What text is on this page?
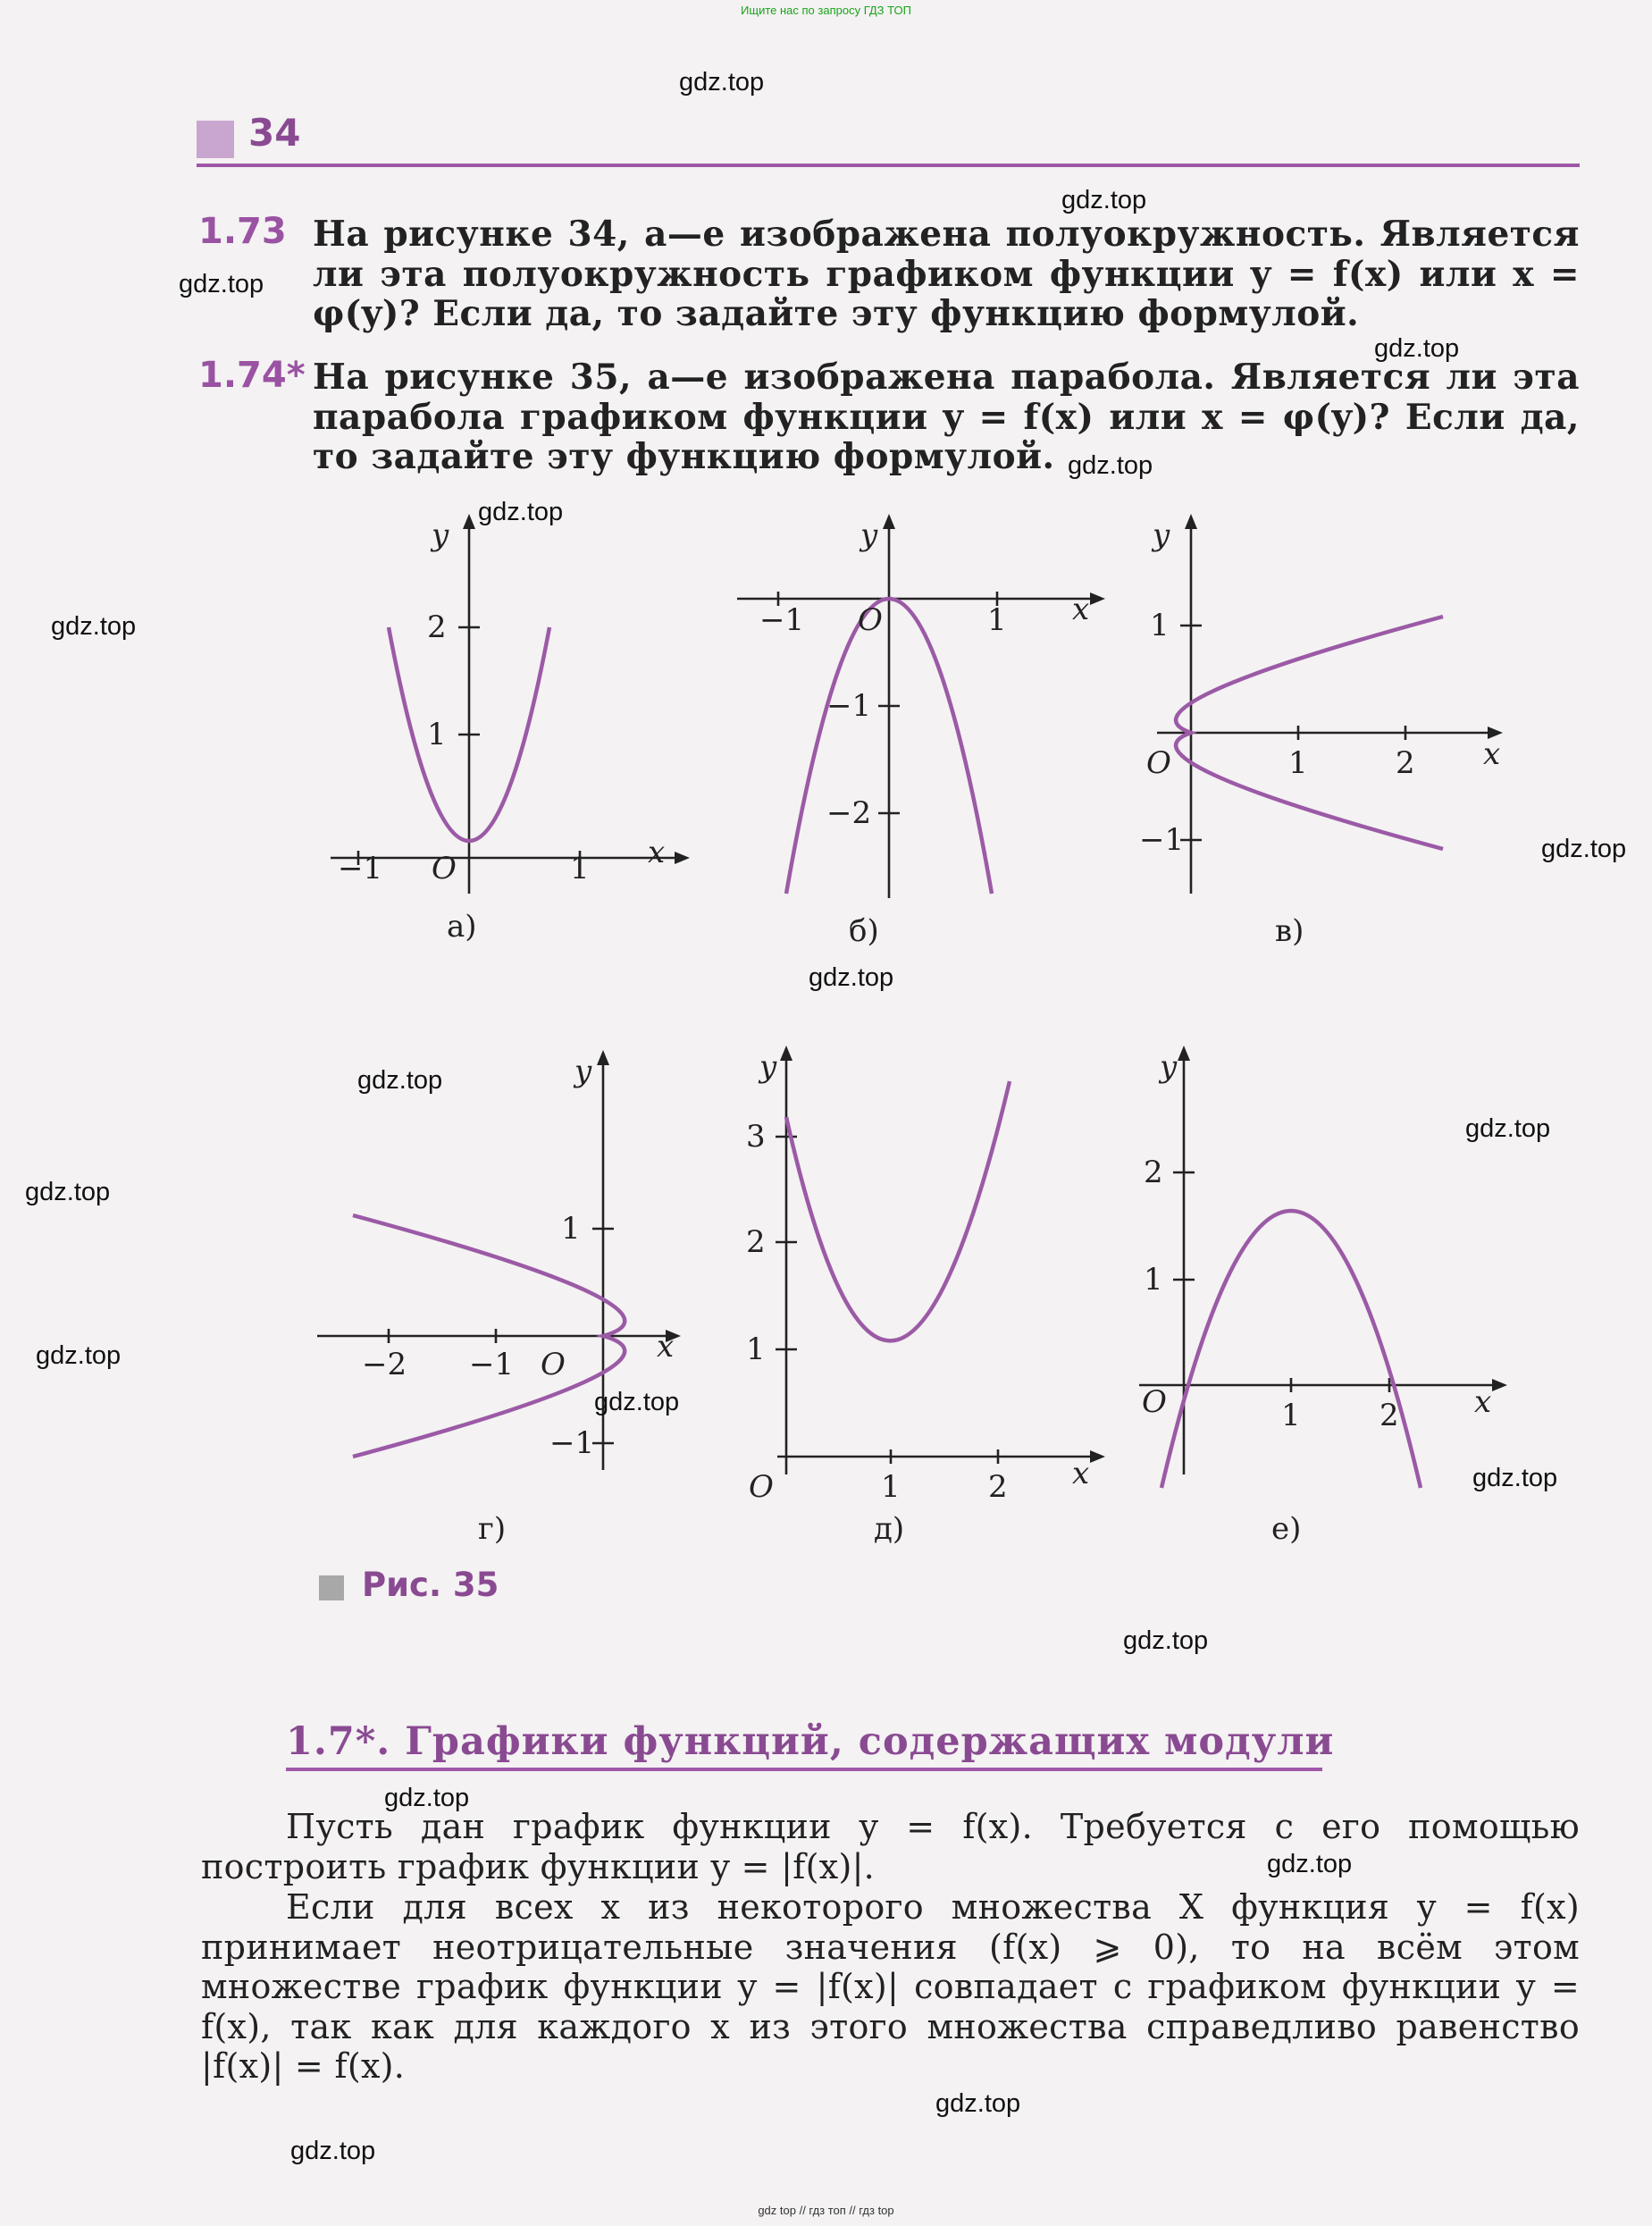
Ищите нас по запросу ГДЗ ТОП
34
1.73 На рисунке 34, а—е изображена полуокружность. Является ли эта полуокружность графиком функции y = f(x) или x = φ(y)? Если да, то задайте эту функцию формулой.
1.74* На рисунке 35, а—е изображена парабола. Является ли эта парабола графиком функции y = f(x) или x = φ(y)? Если да, то задайте эту функцию формулой.
y
x
O
−1	1
1
2
а)
y
x
O
−1	1
−1
−2
б)
y
x
O	1	2
1
−1
в)
y
x
O
−2 −1
1
−1
г)
y
x
O	1	2
1
2
3
д)
y
x
O	1	2
1
2
е)
Рис. 35
1.7*. Графики функций, содержащих модули
Пусть дан график функции y = f(x). Требуется с его помощью построить график функции y = |f(x)|.
Если для всех x из некоторого множества X функция y = f(x) принимает неотрицательные значения (f(x) ⩾ 0), то на всём этом множестве график функции y = |f(x)| совпадает с графиком функции y = f(x), так как для каждого x из этого множества справедливо равенство |f(x)| = f(x).
gdz.top
gdz.top
gdz.top
gdz.top
gdz.top
gdz.top
gdz.top
gdz.top
gdz.top
gdz.top
gdz.top
gdz.top
gdz.top
gdz.top
gdz.top
gdz.top
gdz.top
gdz.top
gdz.top
gdz.top
gdz top // гдз топ // гдз top
